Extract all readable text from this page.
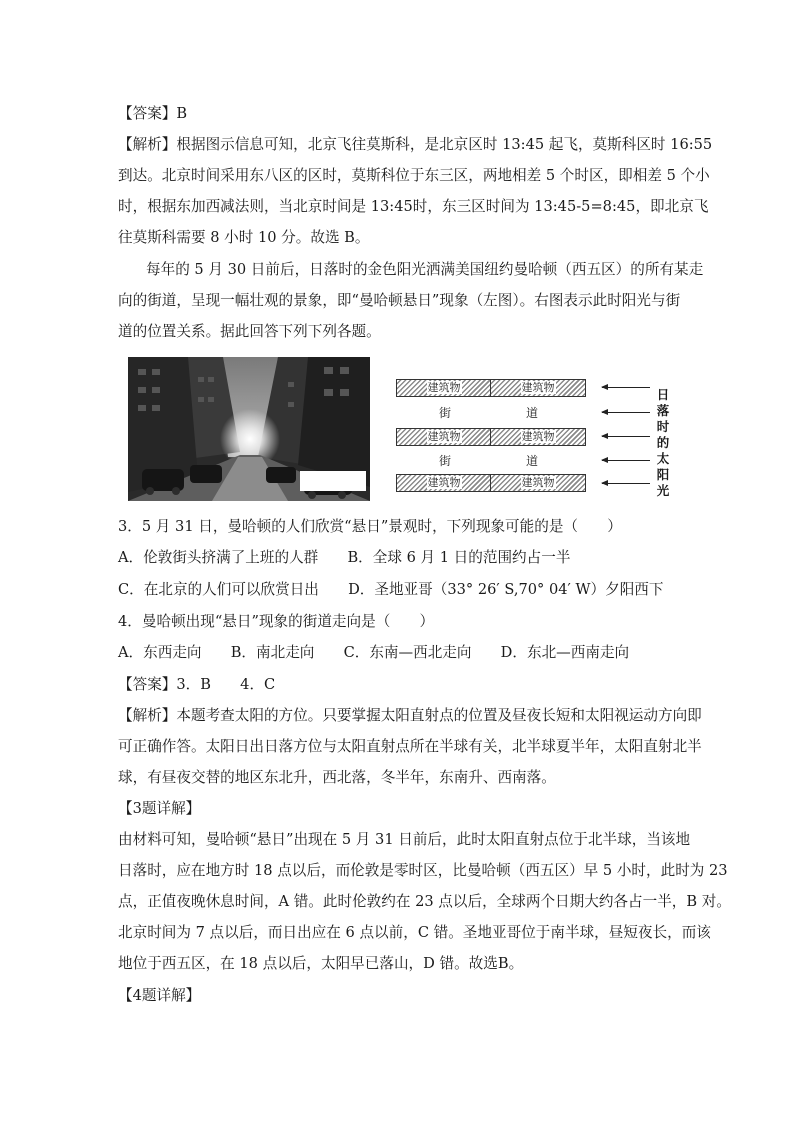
【答案】B
【解析】根据图示信息可知，北京飞往莫斯科，是北京区时 13:45 起飞，莫斯科区时 16:55
到达。北京时间采用东八区的区时，莫斯科位于东三区，两地相差 5 个时区，即相差 5 个小
时，根据东加西减法则，当北京时间是 13:45时，东三区时间为 13:45-5=8:45，即北京飞
往莫斯科需要 8 小时 10 分。故选 B。
每年的 5 月 30 日前后，日落时的金色阳光洒满美国纽约曼哈顿（西五区）的所有某走
向的街道，呈现一幅壮观的景象，即“曼哈顿悬日”现象（左图）。右图表示此时阳光与街
道的位置关系。据此回答下列下列各题。
建筑物	建筑物
街	道
建筑物	建筑物
街	道
建筑物	建筑物
日
落
时
的
太
阳
光
3．5 月 31 日，曼哈顿的人们欣赏“悬日”景观时，下列现象可能的是（　　）
A．伦敦街头挤满了上班的人群　　B．全球 6 月 1 日的范围约占一半
C．在北京的人们可以欣赏日出　　D．圣地亚哥（33° 26′ S,70° 04′ W）夕阳西下
4．曼哈顿出现“悬日”现象的街道走向是（　　）
A．东西走向　　B．南北走向　　C．东南—西北走向　　D．东北—西南走向
【答案】3．B　　4．C
【解析】本题考查太阳的方位。只要掌握太阳直射点的位置及昼夜长短和太阳视运动方向即
可正确作答。太阳日出日落方位与太阳直射点所在半球有关，北半球夏半年，太阳直射北半
球，有昼夜交替的地区东北升，西北落，冬半年，东南升、西南落。
【3题详解】
由材料可知，曼哈顿“悬日”出现在 5 月 31 日前后，此时太阳直射点位于北半球，当该地
日落时，应在地方时 18 点以后，而伦敦是零时区，比曼哈顿（西五区）早 5 小时，此时为 23
点，正值夜晚休息时间，A 错。此时伦敦约在 23 点以后，全球两个日期大约各占一半，B 对。
北京时间为 7 点以后，而日出应在 6 点以前，C 错。圣地亚哥位于南半球，昼短夜长，而该
地位于西五区，在 18 点以后，太阳早已落山，D 错。故选B。
【4题详解】
